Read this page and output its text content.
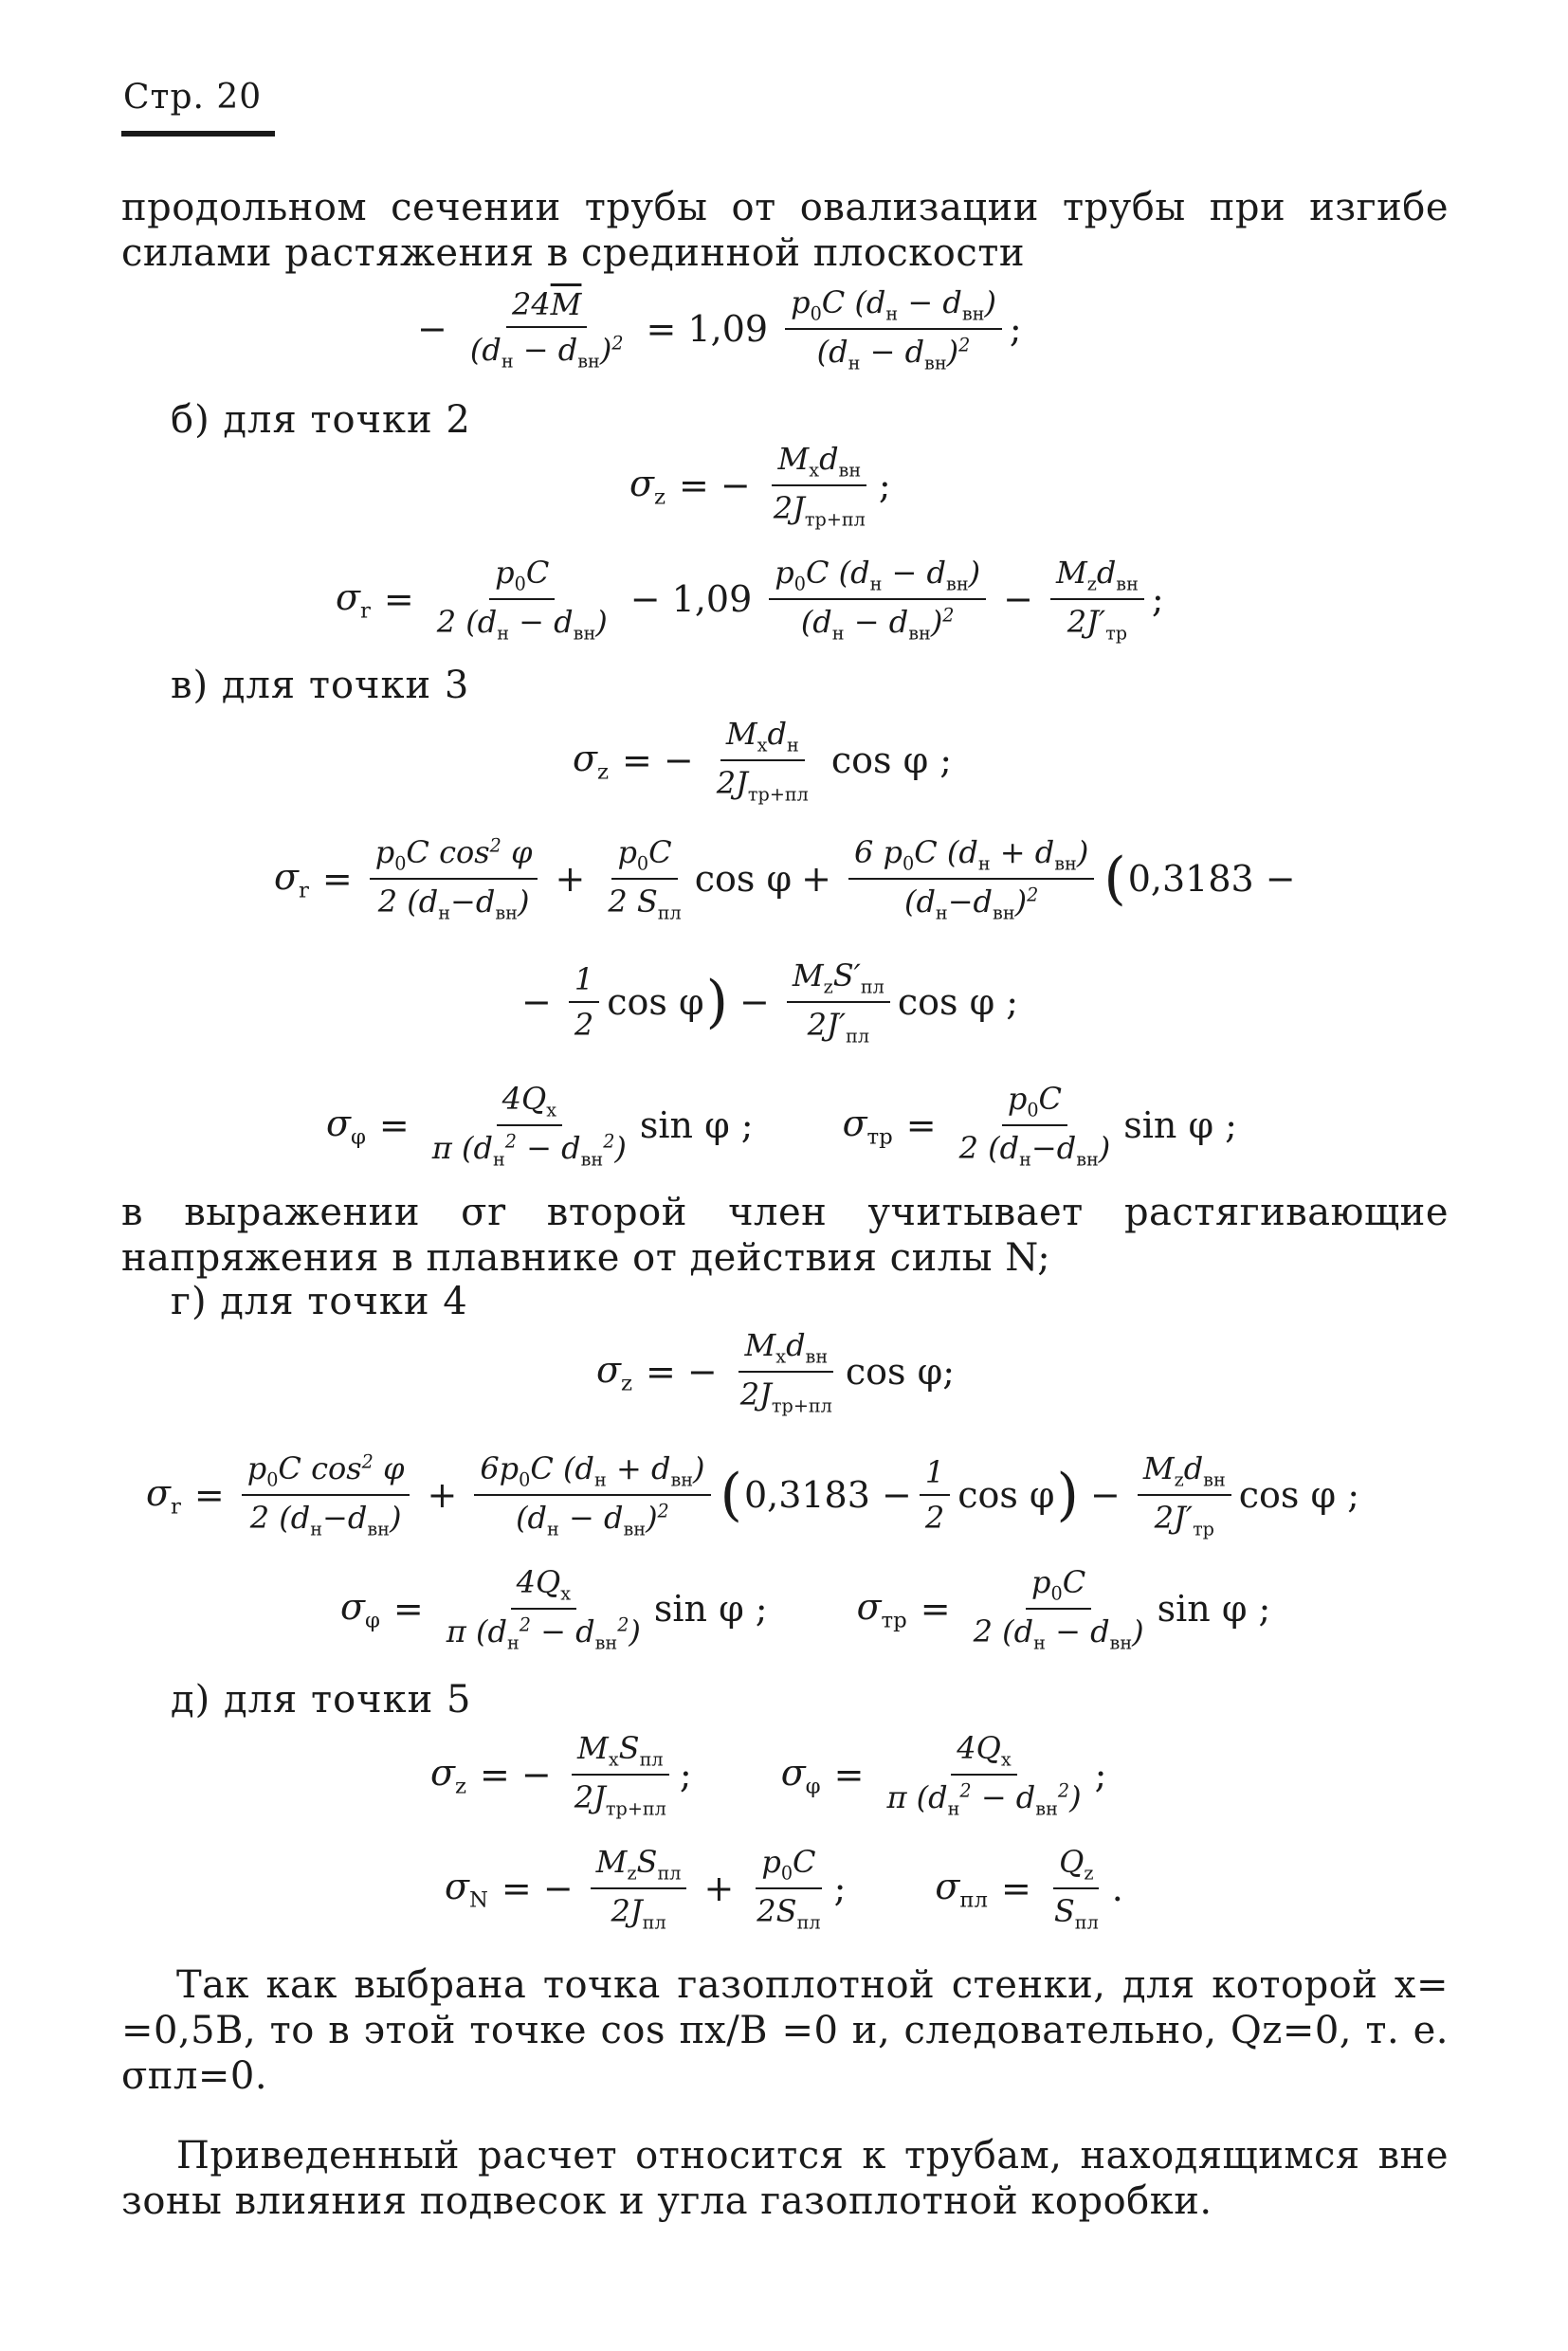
Стр. 20
продольном сечении трубы от овализации трубы при изгибе силами растяжения в срединной плоскости
− $\frac{24\overline{M}}{(d_н - d_{вн})^2} = 1,09 \frac{p_0C (d_н - d_{вн})}{(d_н - d_{вн})^2}$ ;
б) для точки 2
$\sigma_z$ = − $\frac{M_xd_{вн}}{2J_{тр+пл}}$ ;
$\sigma_r = \frac{p_0C}{2 (d_н - d_{вн})} - 1,09 \frac{p_0C (d_н - d_{вн})}{(d_н - d_{вн})^2} - \frac{M_zd_{вн}}{2J'_{тр}}$ ;
в) для точки 3
$\sigma_z$ = − $\frac{M_xd_н}{2J_{тр+пл}}$ cos φ ;
$\sigma_r = \frac{p_0C \cos^2 \varphi}{2 (d_н-d_{вн})} + \frac{p_0C}{2 S_{пл}}$ $\cos \varphi + \frac{6 p_0C (d_н + d_{вн})}{(d_н-d_{вн})^2}$ ( 0,3183 −
− $\frac{1}{2}$ cos φ ) − $\frac{M_zS'_{пл}}{2J'_{пл}}$ cos φ ;
$\sigma_\varphi = \frac{4Q_x}{\pi (d_н^2 - d_{вн}^2)}$ sin φ ; $\sigma_{тр} = \frac{p_0C}{2 (d_н-d_{вн})}$ sin φ ;
в выражении σr второй член учитывает растягивающие напряжения в плавнике от действия силы N;
г) для точки 4
$\sigma_z$ = − $\frac{M_xd_{вн}}{2J_{тр+пл}}$ cos φ;
$\sigma_r = \frac{p_0C \cos^2 \varphi}{2 (d_н-d_{вн})} + \frac{6p_0C (d_н + d_{вн})}{(d_н - d_{вн})^2}$ ( $0,3183 - \frac{1}{2}$ cos φ ) − $\frac{M_zd_{вн}}{2J'_{тр}}$ cos φ ;
$\sigma_\varphi = \frac{4Q_x}{\pi (d_н^2 - d_{вн}^2)}$ sin φ ; $\sigma_{тр} = \frac{p_0C}{2 (d_н - d_{вн})}$ sin φ ;
д) для точки 5
$\sigma_z$ = − $\frac{M_xS_{пл}}{2J_{тр+пл}}$ ; $\sigma_\varphi = \frac{4Q_x}{\pi (d_н^2 - d_{вн}^2)}$ ;
$\sigma_N$ = − $\frac{M_zS_{пл}}{2J_{пл}} + \frac{p_0C}{2S_{пл}}$ ; $\sigma_{пл} = \frac{Q_z}{S_{пл}}$ .
Так как выбрана точка газоплотной стенки, для которой x= =0,5B, то в этой точке cos πx/B =0 и, следовательно, Qz=0, т. е. σпл=0.
Приведенный расчет относится к трубам, находящимся вне зоны влияния подвесок и угла газоплотной коробки.
